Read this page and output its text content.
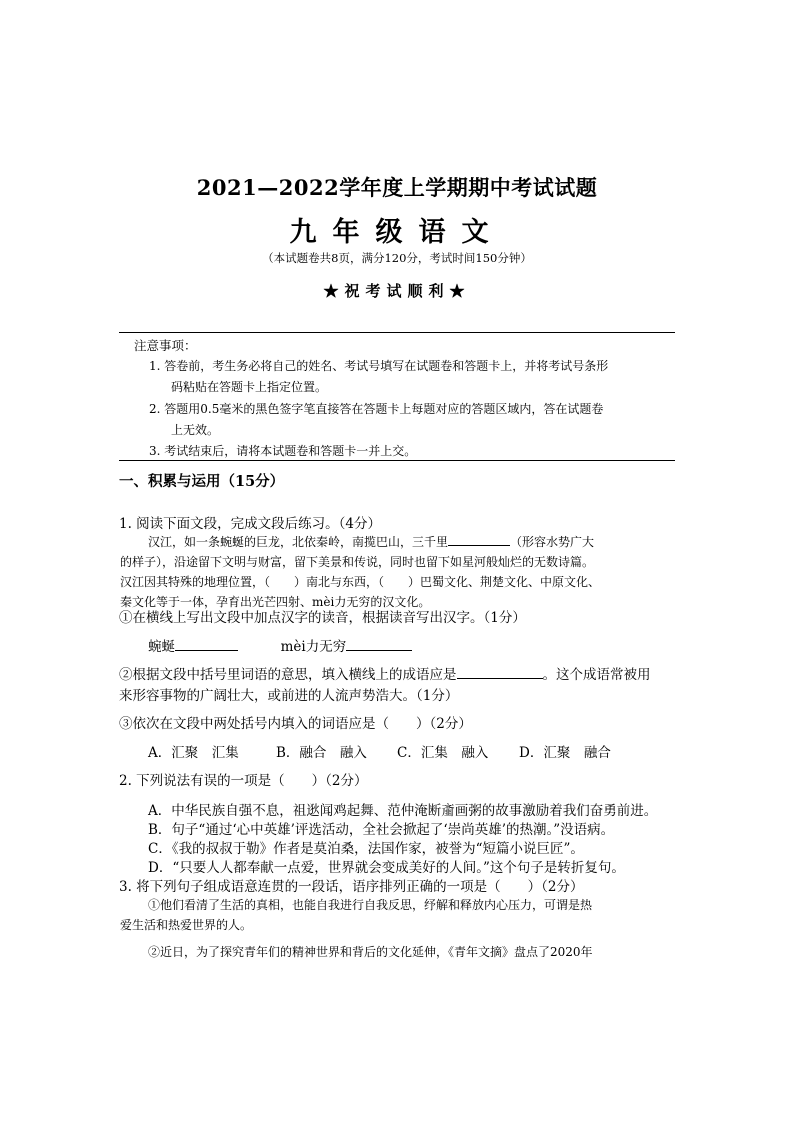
2021—2022学年度上学期期中考试试题
九年级语文
（本试题卷共8页，满分120分，考试时间150分钟）
★祝考试顺利★
注意事项：
1. 答卷前，考生务必将自己的姓名、考试号填写在试题卷和答题卡上，并将考试号条形
码粘贴在答题卡上指定位置。
2. 答题用0.5毫米的黑色签字笔直接答在答题卡上每题对应的答题区域内，答在试题卷
上无效。
3. 考试结束后，请将本试题卷和答题卡一并上交。
一、积累与运用（15分）
1. 阅读下面文段，完成文段后练习。（4分）
汉江，如一条蜿蜒的巨龙，北依秦岭，南揽巴山，三千里	（形容水势广大
的样子），沿途留下文明与财富，留下美景和传说，同时也留下如星河般灿烂的无数诗篇。
汉江因其特殊的地理位置，（　　）南北与东西，（　　）巴蜀文化、荆楚文化、中原文化、
秦文化等于一体，孕育出光芒四射、mèi力无穷的汉文化。
①在横线上写出文段中加点汉字的读音，根据读音写出汉字。（1分）
蜿蜒	mèi力无穷
②根据文段中括号里词语的意思，填入横线上的成语应是	。这个成语常被用
来形容事物的广阔壮大，或前进的人流声势浩大。（1分）
③依次在文段中两处括号内填入的词语应是（　　）（2分）
A．汇聚　汇集	B．融合　融入 C．汇集　融入 D．汇聚　融合
2. 下列说法有误的一项是（　　）（2分）
A．中华民族自强不息，祖逖闻鸡起舞、范仲淹断齑画粥的故事激励着我们奋勇前进。
B．句子“通过‘心中英雄’评选活动，全社会掀起了‘崇尚英雄’的热潮。”没语病。
C．《我的叔叔于勒》作者是莫泊桑，法国作家，被誉为“短篇小说巨匠”。
D．“只要人人都奉献一点爱，世界就会变成美好的人间。”这个句子是转折复句。
3. 将下列句子组成语意连贯的一段话，语序排列正确的一项是（　　）（2分）
①他们看清了生活的真相，也能自我进行自我反思，纾解和释放内心压力，可谓是热
爱生活和热爱世界的人。
②近日，为了探究青年们的精神世界和背后的文化延伸，《青年文摘》盘点了2020年
